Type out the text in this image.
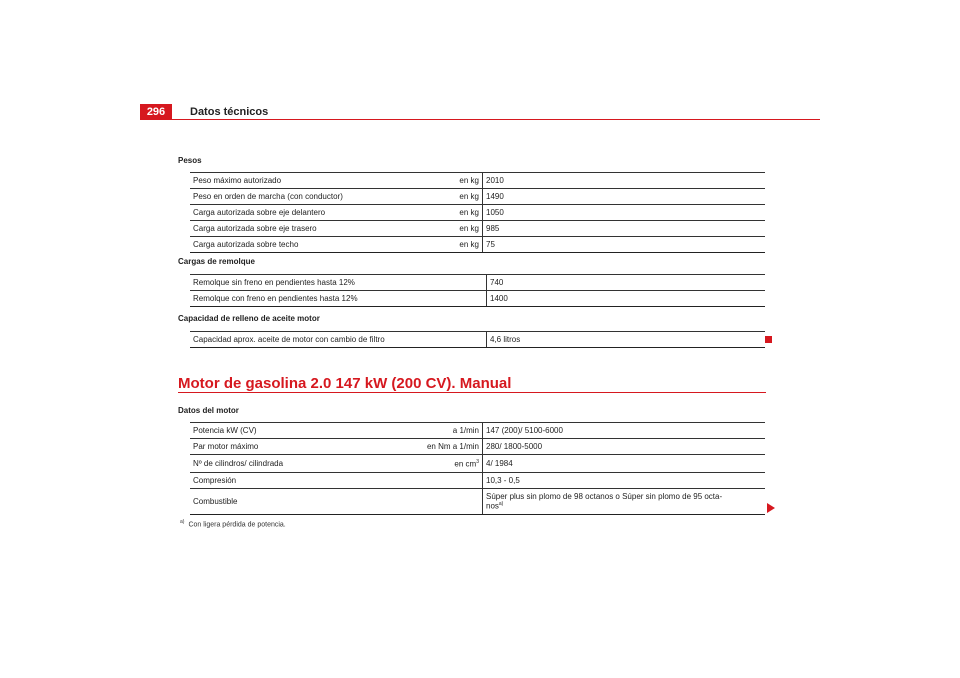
296	Datos técnicos
Pesos
Peso máximo autorizado	en kg	2010
Peso en orden de marcha (con conductor)	en kg	1490
Carga autorizada sobre eje delantero	en kg	1050
Carga autorizada sobre eje trasero	en kg	985
Carga autorizada sobre techo	en kg	75
Cargas de remolque
Remolque sin freno en pendientes hasta 12%	740
Remolque con freno en pendientes hasta 12%	1400
Capacidad de relleno de aceite motor
Capacidad aprox. aceite de motor con cambio de filtro	4,6 litros
Motor de gasolina 2.0 147 kW (200 CV). Manual
Datos del motor
Potencia kW (CV)	a 1/min	147 (200)/ 5100-6000
Par motor máximo	en Nm a 1/min	280/ 1800-5000
Nº de cilindros/ cilindrada	en $cm^3$	4/ 1984
Compresión		10,3 - 0,5
Combustible		Súper plus sin plomo de 98 octanos o Súper sin plomo de 95 octa-
nos$^{a)}$
$^{a)}$ Con ligera pérdida de potencia.
